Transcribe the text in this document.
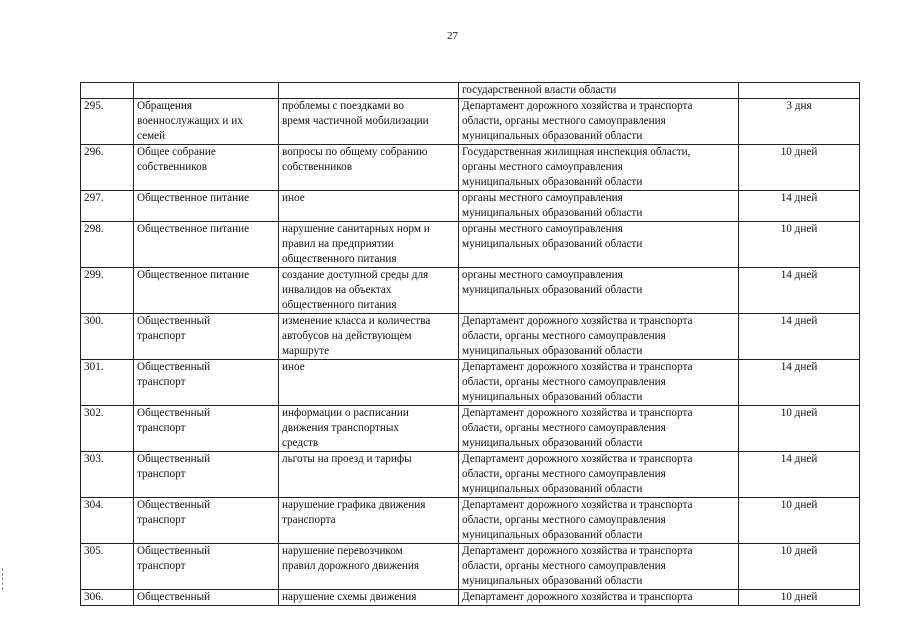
27

			государственной власти области	

295.	Обращения
военнослужащих и их
семей	проблемы с поездками во
время частичной мобилизации	Департамент дорожного хозяйства и транспорта
области, органы местного самоуправления
муниципальных образований области	3 дня
296.	Общее собрание
собственников	вопросы по общему собранию
собственников	Государственная жилищная инспекция области,
органы местного самоуправления
муниципальных образований области	10 дней
297.	Общественное питание	иное	органы местного самоуправления
муниципальных образований области	14 дней
298.	Общественное питание	нарушение санитарных норм и
правил на предприятии
общественного питания	органы местного самоуправления
муниципальных образований области	10 дней
299.	Общественное питание	создание доступной среды для
инвалидов на объектах
общественного питания	органы местного самоуправления
муниципальных образований области	14 дней
300.	Общественный
транспорт	изменение класса и количества
автобусов на действующем
маршруте	Департамент дорожного хозяйства и транспорта
области, органы местного самоуправления
муниципальных образований области	14 дней
301.	Общественный
транспорт	иное	Департамент дорожного хозяйства и транспорта
области, органы местного самоуправления
муниципальных образований области	14 дней
302.	Общественный
транспорт	информации о расписании
движения транспортных
средств	Департамент дорожного хозяйства и транспорта
области, органы местного самоуправления
муниципальных образований области	10 дней
303.	Общественный
транспорт	льготы на проезд и тарифы	Департамент дорожного хозяйства и транспорта
области, органы местного самоуправления
муниципальных образований области	14 дней
304.	Общественный
транспорт	нарушение графика движения
транспорта	Департамент дорожного хозяйства и транспорта
области, органы местного самоуправления
муниципальных образований области	10 дней
305.	Общественный
транспорт	нарушение перевозчиком
правил дорожного движения	Департамент дорожного хозяйства и транспорта
области, органы местного самоуправления
муниципальных образований области	10 дней
306.	Общественный	нарушение схемы движения	Департамент дорожного хозяйства и транспорта	10 дней
